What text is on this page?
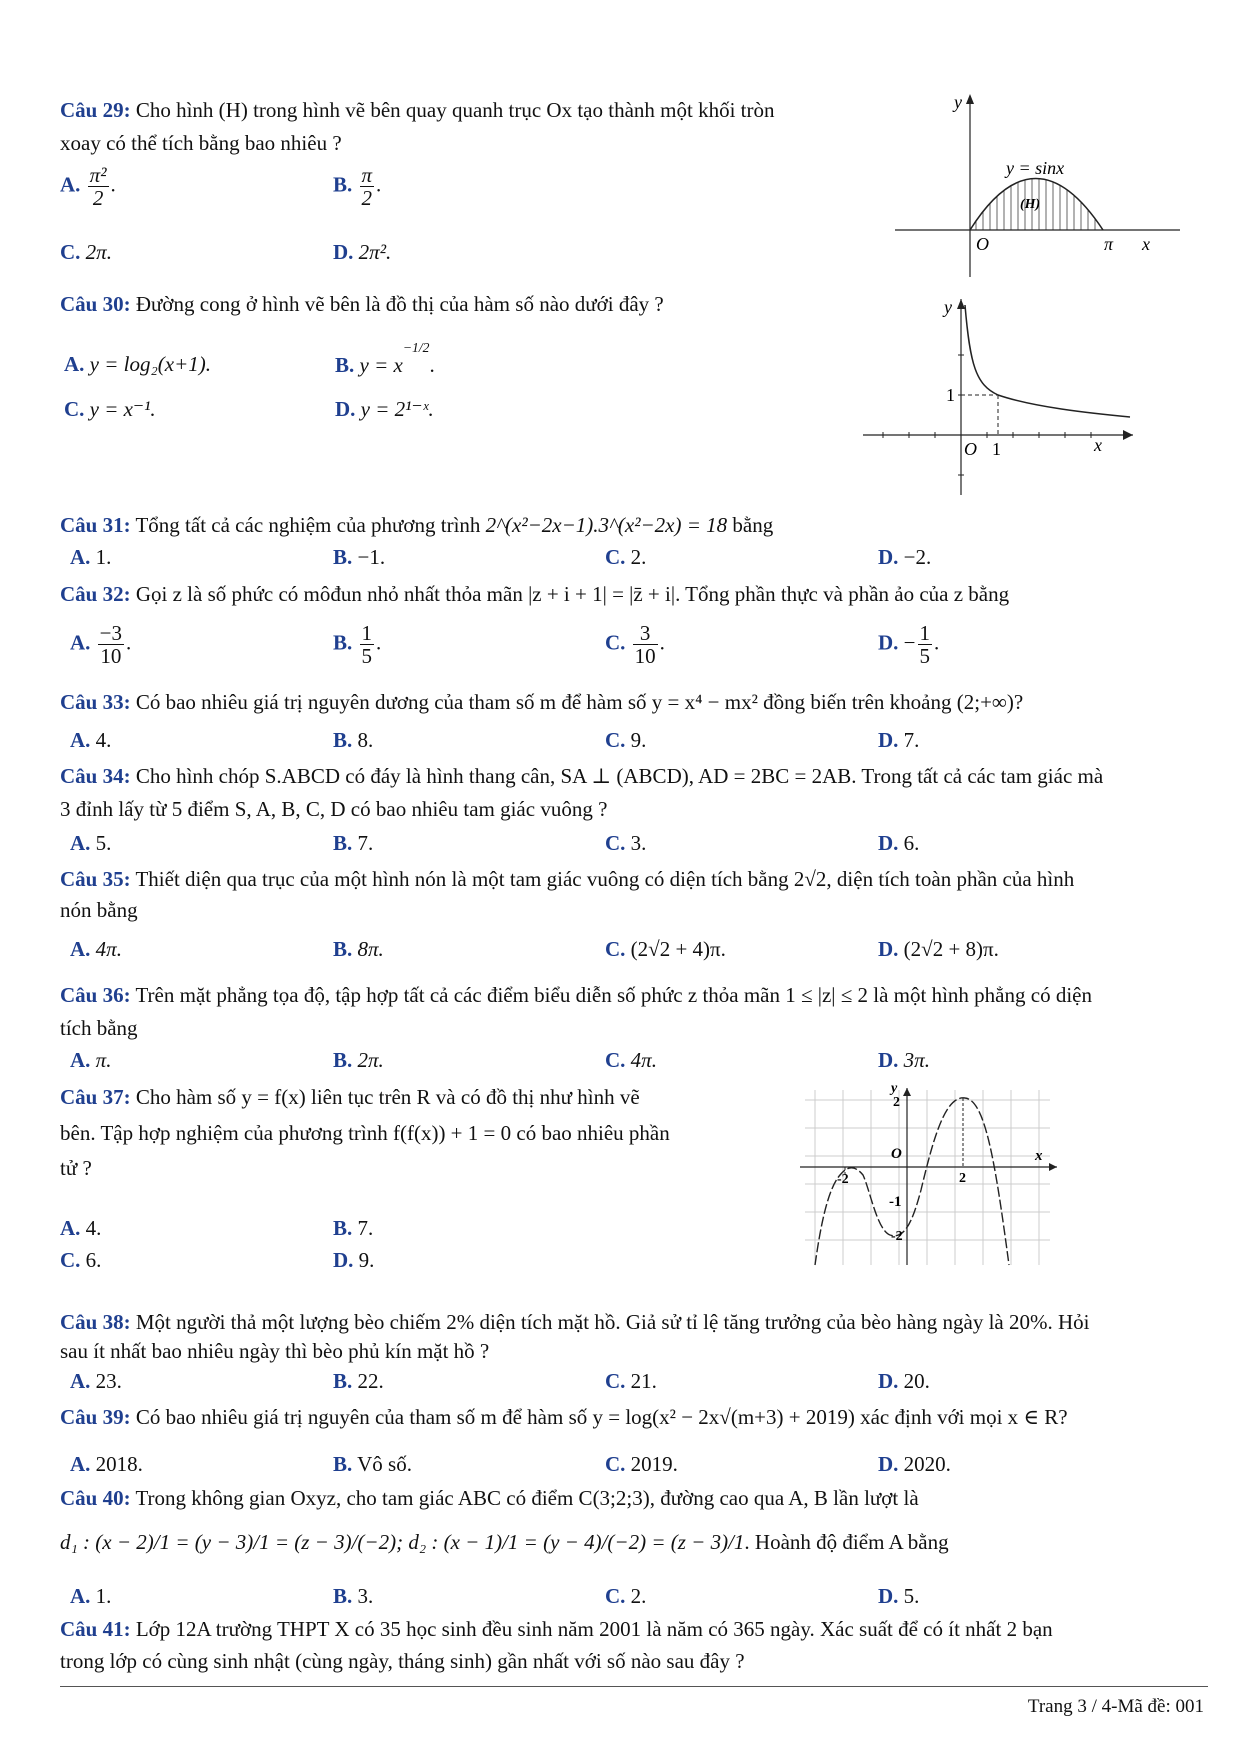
Câu 29: Cho hình (H) trong hình vẽ bên quay quanh trục Ox tạo thành một khối tròn
xoay có thể tích bằng bao nhiêu ?
A. $\frac{\text{π²}}{2}$ .	B. $\frac{\pi}{2}$ .
C. 2π.	D. 2π².
y
O	π x
y = sinx
(H)
Câu 30: Đường cong ở hình vẽ bên là đồ thị của hàm số nào dưới đây ?
A. y = log₂(x+1).	B. $y = x^{-1/2}$.
C. y = x⁻¹.	D. y = 2¹⁻ˣ.
y
1
O 1	x
Câu 31: Tổng tất cả các nghiệm của phương trình 2^(x²−2x−1).3^(x²−2x) = 18 bằng
A. 1.	B. −1.	C. 2.	D. −2.
Câu 32: Gọi z là số phức có môđun nhỏ nhất thỏa mãn |z + i + 1| = |z̄ + i|. Tổng phần thực và phần ảo của z bằng
A. $\frac{-3}{10}$ .	B. $\frac{1}{5}$ .	C. $\frac{3}{10}$ .	D. − $\frac{1}{5}$ .
Câu 33: Có bao nhiêu giá trị nguyên dương của tham số m để hàm số y = x⁴ − mx² đồng biến trên khoảng (2;+∞)?
A. 4.	B. 8.	C. 9.	D. 7.
Câu 34: Cho hình chóp S.ABCD có đáy là hình thang cân, SA ⊥ (ABCD), AD = 2BC = 2AB. Trong tất cả các tam giác mà
3 đỉnh lấy từ 5 điểm S, A, B, C, D có bao nhiêu tam giác vuông ?
A. 5.	B. 7.	C. 3.	D. 6.
Câu 35: Thiết diện qua trục của một hình nón là một tam giác vuông có diện tích bằng 2√2, diện tích toàn phần của hình
nón bằng
A. 4π.	B. 8π.	C. (2√2 + 4)π.	D. (2√2 + 8)π.
Câu 36: Trên mặt phẳng tọa độ, tập hợp tất cả các điểm biểu diễn số phức z thỏa mãn 1 ≤ |z| ≤ 2 là một hình phẳng có diện
tích bằng
A. π.	B. 2π.	C. 4π.	D. 3π.
Câu 37: Cho hàm số y = f(x) liên tục trên R và có đồ thị như hình vẽ
bên. Tập hợp nghiệm của phương trình f(f(x)) + 1 = 0 có bao nhiêu phần
tử ?
A. 4.	B. 7.
C. 6.	D. 9.
y
2
O	x
-2	2
-1
-2
Câu 38: Một người thả một lượng bèo chiếm 2% diện tích mặt hồ. Giả sử tỉ lệ tăng trưởng của bèo hàng ngày là 20%. Hỏi
sau ít nhất bao nhiêu ngày thì bèo phủ kín mặt hồ ?
A. 23.	B. 22.	C. 21.	D. 20.
Câu 39: Có bao nhiêu giá trị nguyên của tham số m để hàm số y = log(x² − 2x√(m+3) + 2019) xác định với mọi x ∈ R?
A. 2018.	B. Vô số.	C. 2019.	D. 2020.
Câu 40: Trong không gian Oxyz, cho tam giác ABC có điểm C(3;2;3), đường cao qua A, B lần lượt là
d₁ : (x − 2)/1 = (y − 3)/1 = (z − 3)/(−2); d₂ : (x − 1)/1 = (y − 4)/(−2) = (z − 3)/1. Hoành độ điểm A bằng
A. 1.	B. 3.	C. 2.	D. 5.
Câu 41: Lớp 12A trường THPT X có 35 học sinh đều sinh năm 2001 là năm có 365 ngày. Xác suất để có ít nhất 2 bạn
trong lớp có cùng sinh nhật (cùng ngày, tháng sinh) gần nhất với số nào sau đây ?
Trang 3 / 4-Mã đề: 001
